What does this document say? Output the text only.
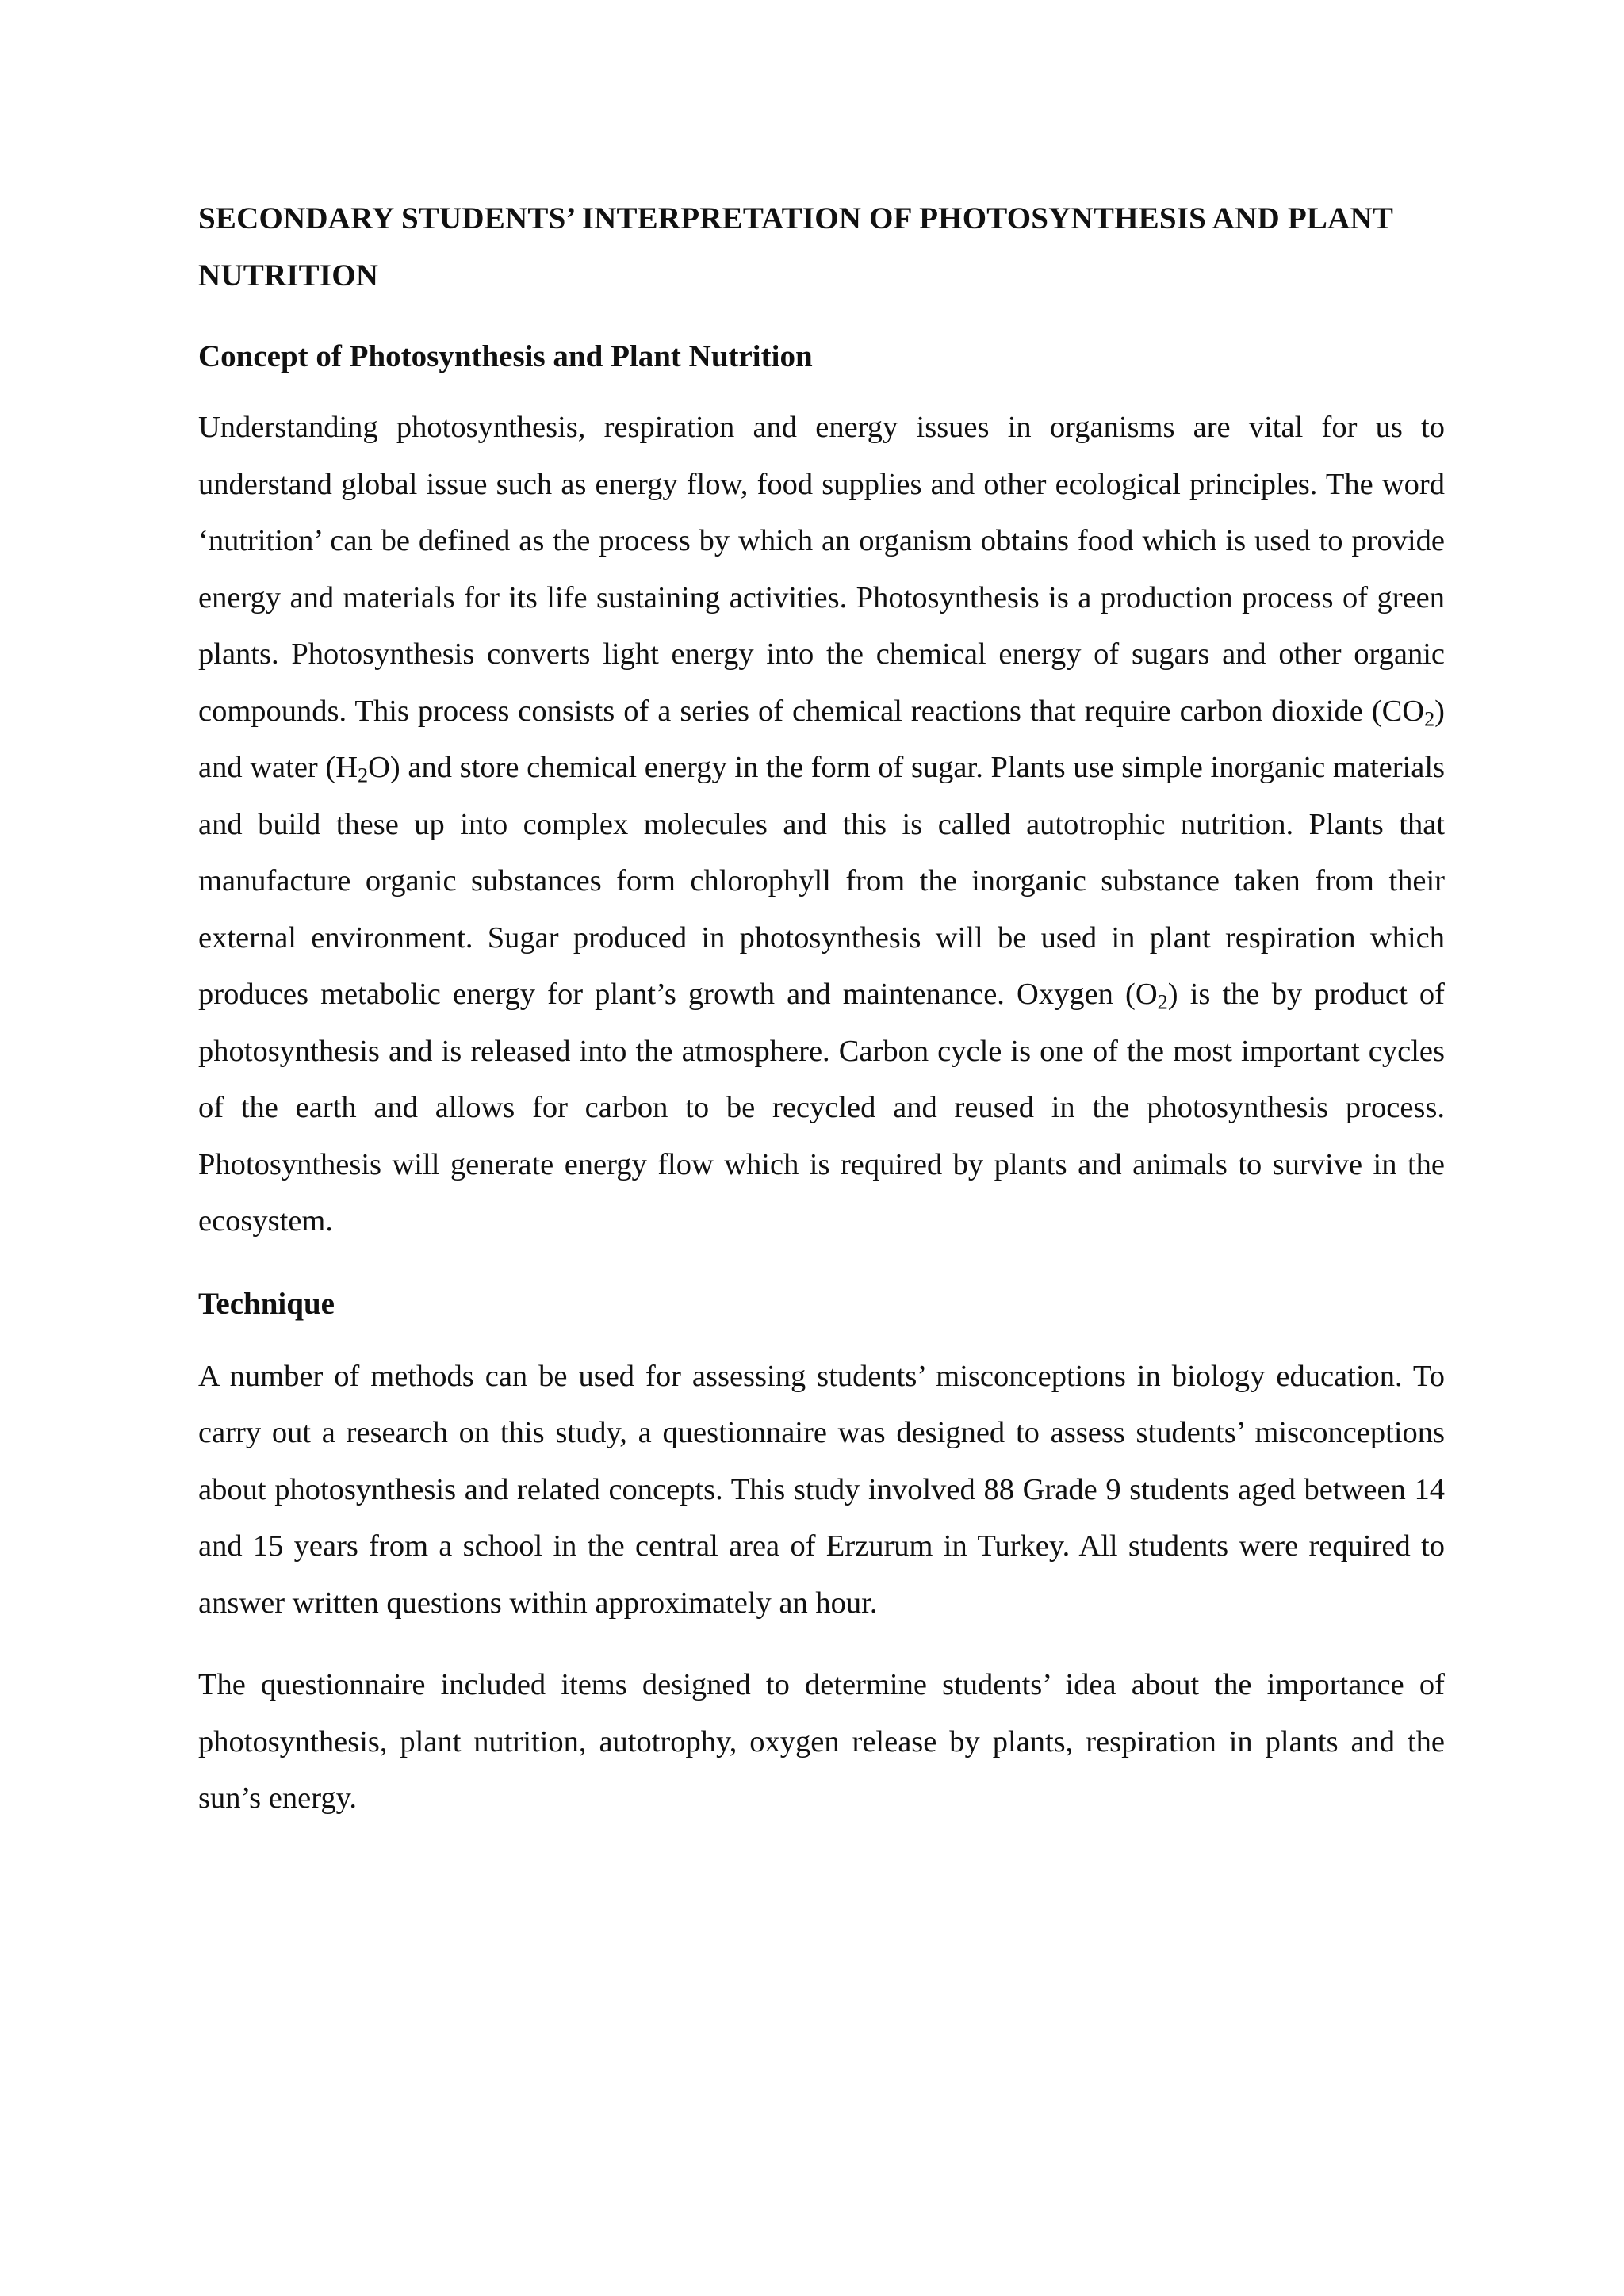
SECONDARY STUDENTS’ INTERPRETATION OF PHOTOSYNTHESIS AND PLANT NUTRITION
Concept of Photosynthesis and Plant Nutrition

Understanding photosynthesis, respiration and energy issues in organisms are vital for us to understand global issue such as energy flow, food supplies and other ecological principles. The word ‘nutrition’ can be defined as the process by which an organism obtains food which is used to provide energy and materials for its life sustaining activities. Photosynthesis is a production process of green plants. Photosynthesis converts light energy into the chemical energy of sugars and other organic compounds. This process consists of a series of chemical reactions that require carbon dioxide $(CO_2)$ and water $(H_2O)$ and store chemical energy in the form of sugar. Plants use simple inorganic materials and build these up into complex molecules and this is called autotrophic nutrition. Plants that manufacture organic substances form chlorophyll from the inorganic substance taken from their external environment. Sugar produced in photosynthesis will be used in plant respiration which produces metabolic energy for plant’s growth and maintenance. Oxygen $(O_2)$ is the by product of photosynthesis and is released into the atmosphere. Carbon cycle is one of the most important cycles of the earth and allows for carbon to be recycled and reused in the photosynthesis process. Photosynthesis will generate energy flow which is required by plants and animals to survive in the ecosystem.

Technique

A number of methods can be used for assessing students’ misconceptions in biology education. To carry out a research on this study, a questionnaire was designed to assess students’ misconceptions about photosynthesis and related concepts. This study involved 88 Grade 9 students aged between 14 and 15 years from a school in the central area of Erzurum in Turkey. All students were required to answer written questions within approximately an hour.

The questionnaire included items designed to determine students’ idea about the importance of photosynthesis, plant nutrition, autotrophy, oxygen release by plants, respiration in plants and the sun’s energy.
